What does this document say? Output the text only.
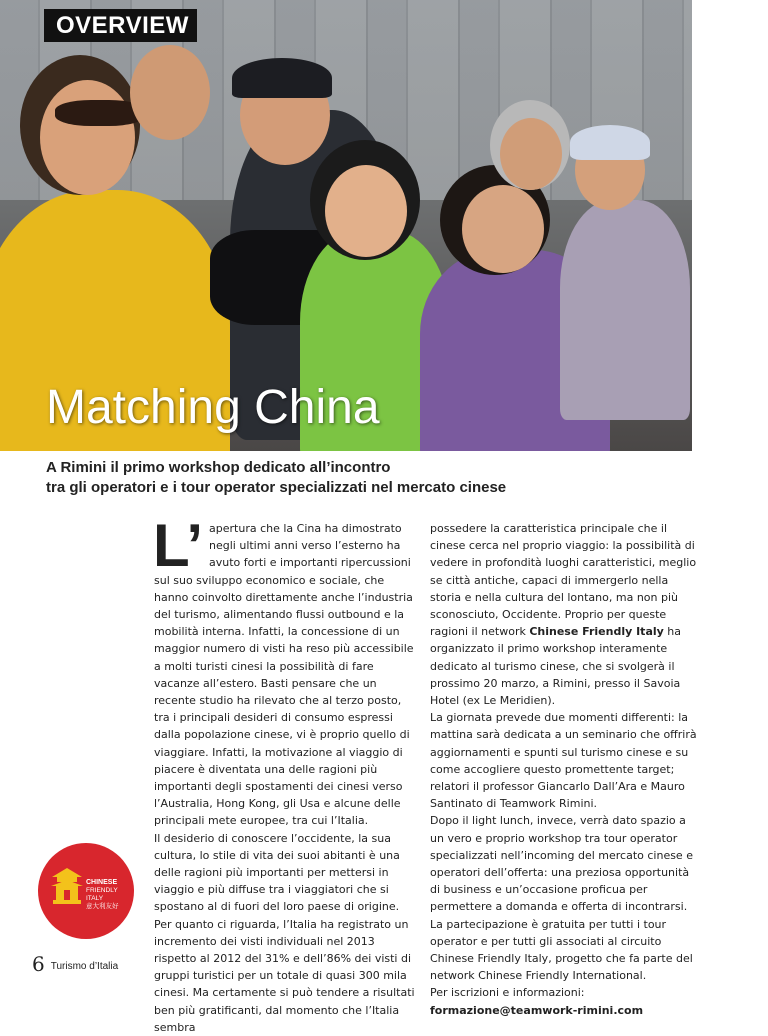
OVERVIEW
Matching China
A Rimini il primo workshop dedicato all’incontro
tra gli operatori e i tour operator specializzati nel mercato cinese

L’ apertura che la Cina ha dimostrato negli ultimi anni verso l’esterno ha avuto forti e importanti ripercussioni sul suo sviluppo economico e sociale, che hanno coinvolto direttamente anche l’industria del turismo, alimentando flussi outbound e la mobilità interna. Infatti, la concessione di un maggior numero di visti ha reso più accessibile a molti turisti cinesi la possibilità di fare vacanze all’estero. Basti pensare che un recente studio ha rilevato che al terzo posto, tra i principali desideri di consumo espressi dalla popolazione cinese, vi è proprio quello di viaggiare. Infatti, la motivazione al viaggio di piacere è diventata una delle ragioni più importanti degli spostamenti dei cinesi verso l’Australia, Hong Kong, gli Usa e alcune delle principali mete europee, tra cui l’Italia.

Il desiderio di conoscere l’occidente, la sua cultura, lo stile di vita dei suoi abitanti è una delle ragioni più importanti per mettersi in viaggio e più diffuse tra i viaggiatori che si spostano al di fuori del loro paese di origine.

Per quanto ci riguarda, l’Italia ha registrato un incremento dei visti individuali nel 2013 rispetto al 2012 del 31% e dell’86% dei visti di gruppi turistici per un totale di quasi 300 mila cinesi. Ma certamente si può tendere a risultati ben più gratificanti, dal momento che l’Italia sembra

possedere la caratteristica principale che il cinese cerca nel proprio viaggio: la possibilità di vedere in profondità luoghi caratteristici, meglio se città antiche, capaci di immergerlo nella storia e nella cultura del lontano, ma non più sconosciuto, Occidente. Proprio per queste ragioni il network Chinese Friendly Italy ha organizzato il primo workshop interamente dedicato al turismo cinese, che si svolgerà il prossimo 20 marzo, a Rimini, presso il Savoia Hotel (ex Le Meridien).

La giornata prevede due momenti differenti: la mattina sarà dedicata a un seminario che offrirà aggiornamenti e spunti sul turismo cinese e su come accogliere questo promettente target; relatori il professor Giancarlo Dall’Ara e Mauro Santinato di Teamwork Rimini.

Dopo il light lunch, invece, verrà dato spazio a un vero e proprio workshop tra tour operator specializzati nell’incoming del mercato cinese e operatori dell’offerta: una preziosa opportunità di business e un’occasione proficua per permettere a domanda e offerta di incontrarsi.

La partecipazione è gratuita per tutti i tour operator e per tutti gli associati al circuito Chinese Friendly Italy, progetto che fa parte del network Chinese Friendly International.

Per iscrizioni e informazioni:

formazione@teamwork-rimini.com

CHINESE
FRIENDLY ITALY
意大利友好
6 Turismo d’Italia
